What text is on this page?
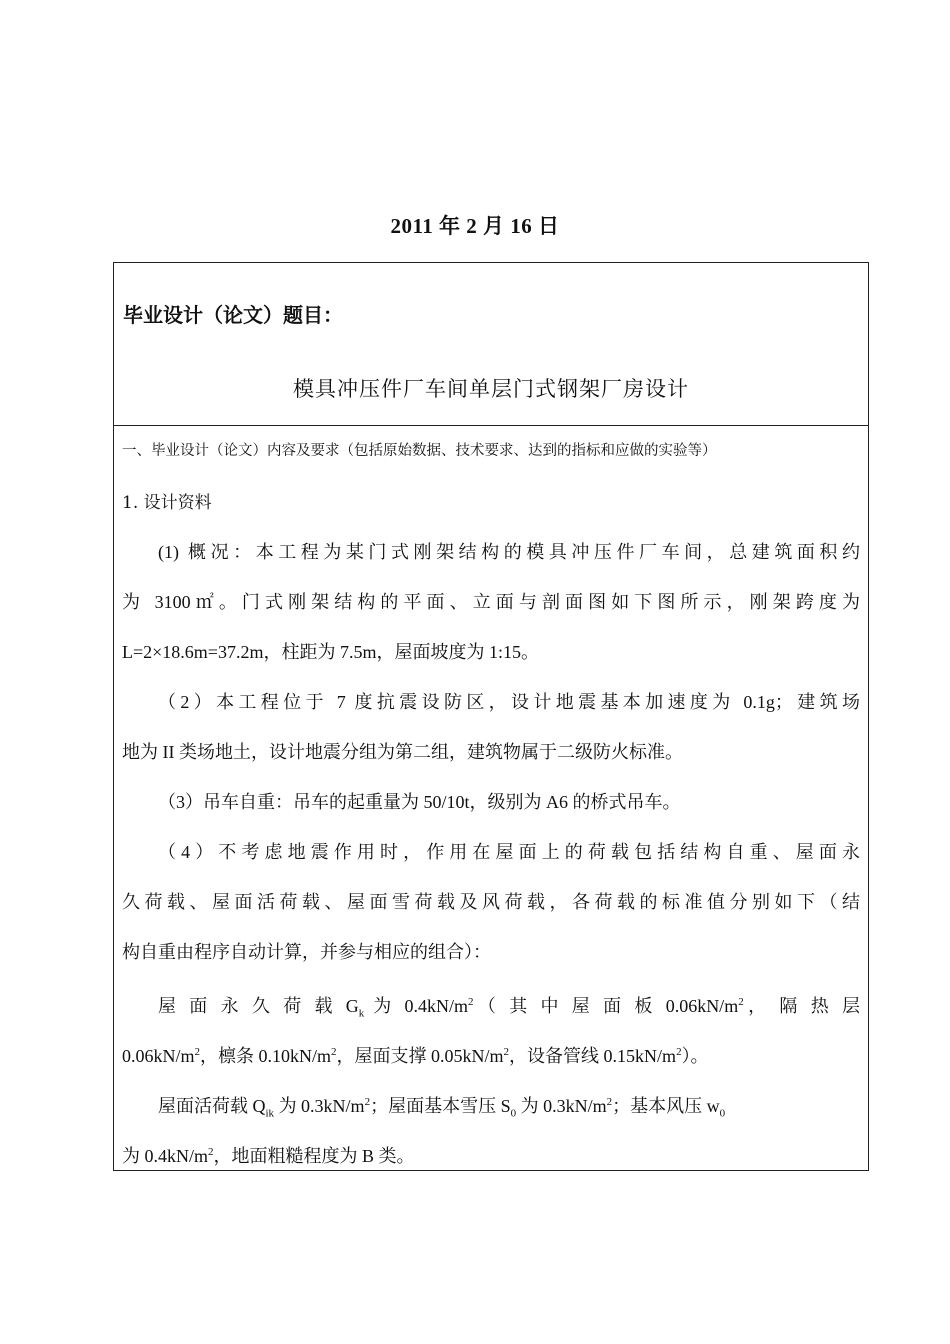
2011 年 2 月 16 日
毕业设计（论文）题目：
模具冲压件厂车间单层门式钢架厂房设计
一、毕业设计（论文）内容及要求（包括原始数据、技术要求、达到的指标和应做的实验等）
1. 设计资料
(1) 概况：本工程为某门式刚架结构的模具冲压件厂车间，总建筑面积约
为 3100㎡。门式刚架结构的平面、立面与剖面图如下图所示，刚架跨度为
L=2×18.6m=37.2m，柱距为 7.5m，屋面坡度为 1:15。
（2）本工程位于 7 度抗震设防区，设计地震基本加速度为 0.1g；建筑场
地为 II 类场地土，设计地震分组为第二组，建筑物属于二级防火标准。
（3）吊车自重：吊车的起重量为 50/10t，级别为 A6 的桥式吊车。
（4）不考虑地震作用时，作用在屋面上的荷载包括结构自重、屋面永
久荷载、屋面活荷载、屋面雪荷载及风荷载，各荷载的标准值分别如下（结
构自重由程序自动计算，并参与相应的组合）：
屋 面 永 久 荷 载 $G_k$ 为 $0.4kN/m^2$（ 其 中 屋 面 板 $0.06kN/m^2$， 隔 热 层
$0.06kN/m^2$，檩条 $0.10kN/m^2$，屋面支撑 $0.05kN/m^2$，设备管线 $0.15kN/m^2$）。
屋面活荷载 $Q_{ik}$ 为 $0.3kN/m^2$；屋面基本雪压 $S_0$ 为 $0.3kN/m^2$；基本风压 $w_0$
为 $0.4kN/m^2$，地面粗糙程度为 B 类。
